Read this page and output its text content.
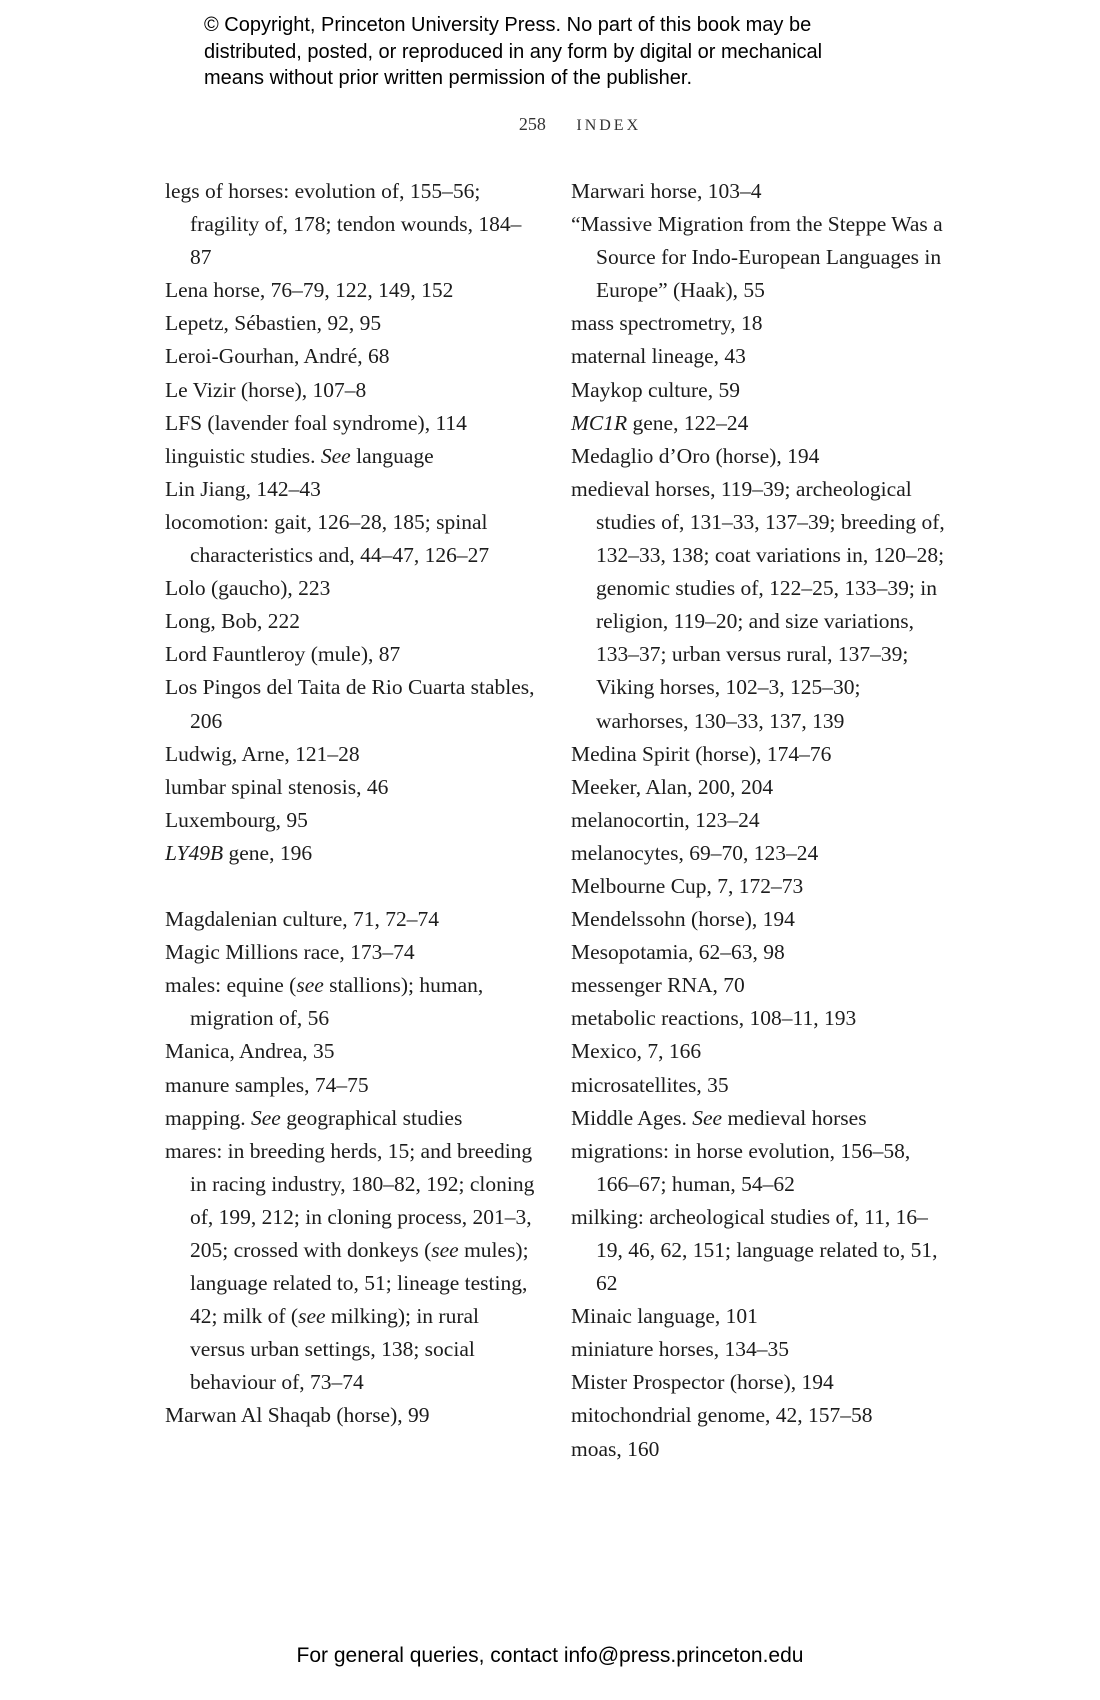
© Copyright, Princeton University Press. No part of this book may be
distributed, posted, or reproduced in any form by digital or mechanical
means without prior written permission of the publisher.
258 INDEX
legs of horses: evolution of, 155–56; fragility of, 178; tendon wounds, 184–87
Lena horse, 76–79, 122, 149, 152
Lepetz, Sébastien, 92, 95
Leroi-Gourhan, André, 68
Le Vizir (horse), 107–8
LFS (lavender foal syndrome), 114
linguistic studies. See language
Lin Jiang, 142–43
locomotion: gait, 126–28, 185; spinal characteristics and, 44–47, 126–27
Lolo (gaucho), 223
Long, Bob, 222
Lord Fauntleroy (mule), 87
Los Pingos del Taita de Rio Cuarta stables, 206
Ludwig, Arne, 121–28
lumbar spinal stenosis, 46
Luxembourg, 95
LY49B gene, 196
Magdalenian culture, 71, 72–74
Magic Millions race, 173–74
males: equine (see stallions); human, migration of, 56
Manica, Andrea, 35
manure samples, 74–75
mapping. See geographical studies
mares: in breeding herds, 15; and breeding in racing industry, 180–82, 192; cloning of, 199, 212; in cloning process, 201–3, 205; crossed with donkeys (see mules); language related to, 51; lineage testing, 42; milk of (see milking); in rural versus urban settings, 138; social behaviour of, 73–74
Marwan Al Shaqab (horse), 99
Marwari horse, 103–4
“Massive Migration from the Steppe Was a Source for Indo-European Languages in Europe” (Haak), 55
mass spectrometry, 18
maternal lineage, 43
Maykop culture, 59
MC1R gene, 122–24
Medaglio d’Oro (horse), 194
medieval horses, 119–39; archeological studies of, 131–33, 137–39; breeding of, 132–33, 138; coat variations in, 120–28; genomic studies of, 122–25, 133–39; in religion, 119–20; and size variations, 133–37; urban versus rural, 137–39; Viking horses, 102–3, 125–30; warhorses, 130–33, 137, 139
Medina Spirit (horse), 174–76
Meeker, Alan, 200, 204
melanocortin, 123–24
melanocytes, 69–70, 123–24
Melbourne Cup, 7, 172–73
Mendelssohn (horse), 194
Mesopotamia, 62–63, 98
messenger RNA, 70
metabolic reactions, 108–11, 193
Mexico, 7, 166
microsatellites, 35
Middle Ages. See medieval horses
migrations: in horse evolution, 156–58, 166–67; human, 54–62
milking: archeological studies of, 11, 16–19, 46, 62, 151; language related to, 51, 62
Minaic language, 101
miniature horses, 134–35
Mister Prospector (horse), 194
mitochondrial genome, 42, 157–58
moas, 160
For general queries, contact info@press.princeton.edu
